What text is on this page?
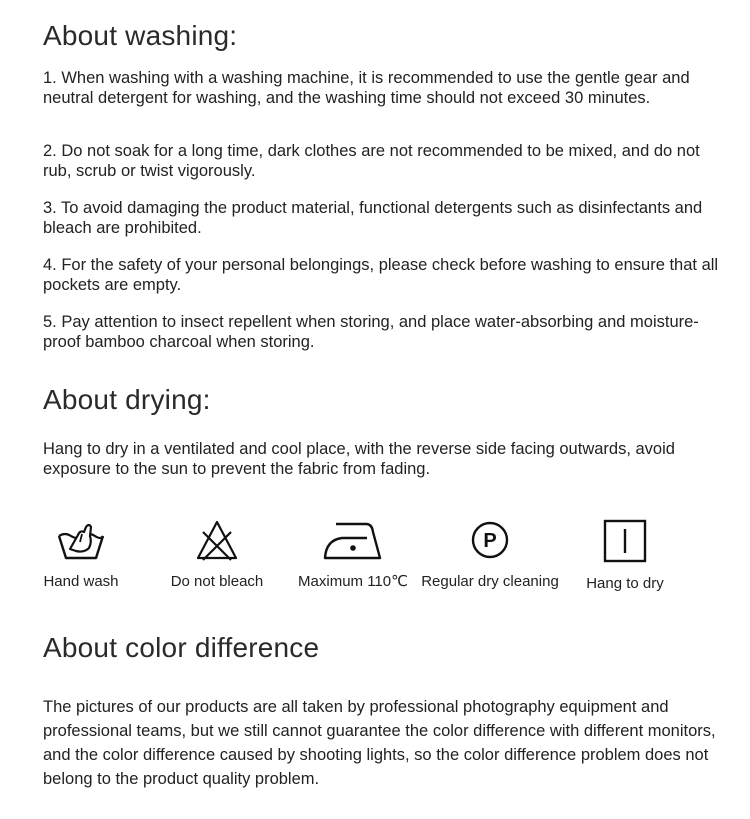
About washing:

1. When washing with a washing machine, it is recommended to use the gentle gear and neutral detergent for washing, and the washing time should not exceed 30 minutes.

2. Do not soak for a long time, dark clothes are not recommended to be mixed, and do not rub, scrub or twist vigorously.

3. To avoid damaging the product material, functional detergents such as disinfectants and bleach are prohibited.

4. For the safety of your personal belongings, please check before washing to ensure that all pockets are empty.

5. Pay attention to insect repellent when storing, and place water-absorbing and moisture-proof bamboo charcoal when storing.

About drying:

Hang to dry in a ventilated and cool place, with the reverse side facing outwards, avoid exposure to the sun to prevent the fabric from fading.

Hand wash	Do not bleach	Maximum 110℃
P
Regular dry cleaning	Hang to dry
About color difference

The pictures of our products are all taken by professional photography equipment and professional teams, but we still cannot guarantee the color difference with different monitors, and the color difference caused by shooting lights, so the color difference problem does not belong to the product quality problem.
